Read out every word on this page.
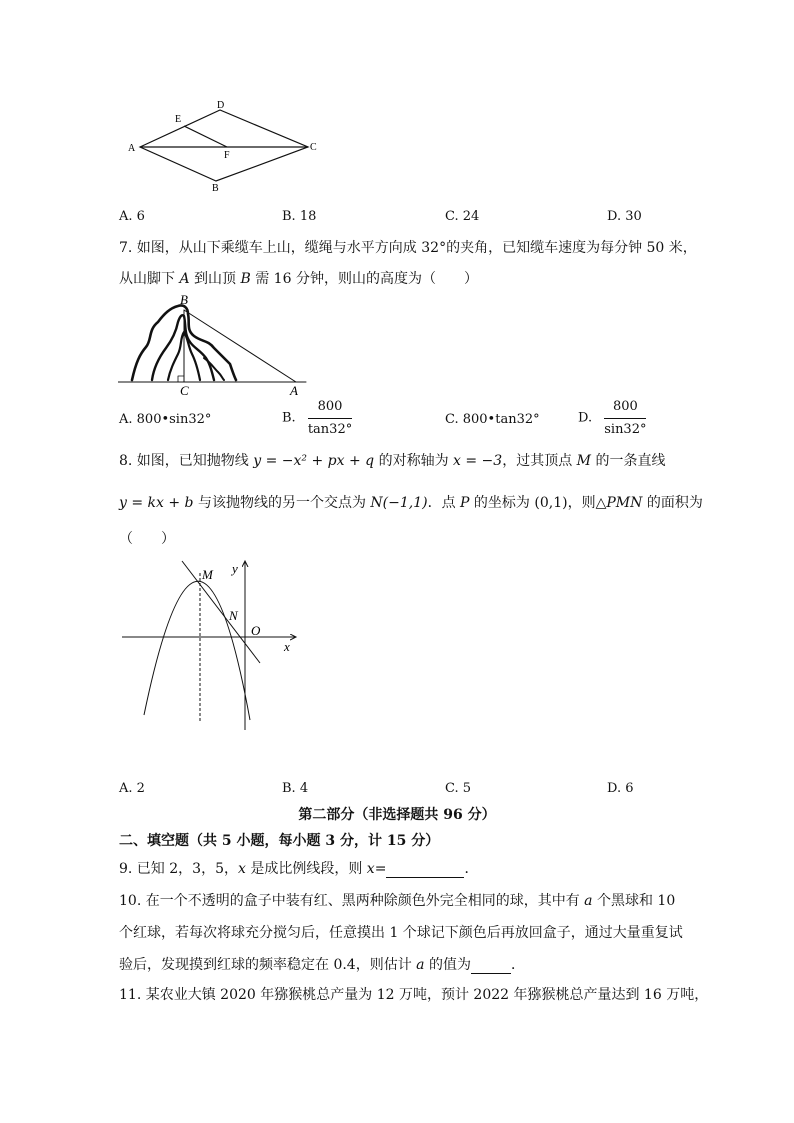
D
E
A
F
C
B
A. 6	B. 18	C. 24	D. 30
7. 如图，从山下乘缆车上山，缆绳与水平方向成 32°的夹角，已知缆车速度为每分钟 50 米，
从山脚下 A 到山顶 B 需 16 分钟，则山的高度为（　　）
B
C	A
A. 800•sin32°	B. $\frac{800}{\tan 32^\circ}$	C. 800•tan32°	D. $\frac{800}{\sin 32^\circ}$
8. 如图，已知抛物线 y = −x² + px + q 的对称轴为 x = −3，过其顶点 M 的一条直线
y = kx + b 与该抛物线的另一个交点为 N(−1,1)．点 P 的坐标为 (0,1)，则△PMN 的面积为
（　　）
M
N
O
x
y
A. 2	B. 4	C. 5	D. 6
第二部分（非选择题共 96 分）
二、填空题（共 5 小题，每小题 3 分，计 15 分）
9. 已知 2，3，5，x 是成比例线段，则 x=	．
10. 在一个不透明的盒子中装有红、黑两种除颜色外完全相同的球，其中有 a 个黑球和 10
个红球，若每次将球充分搅匀后，任意摸出 1 个球记下颜色后再放回盒子，通过大量重复试
验后，发现摸到红球的频率稳定在 0.4，则估计 a 的值为	．
11. 某农业大镇 2020 年猕猴桃总产量为 12 万吨，预计 2022 年猕猴桃总产量达到 16 万吨，
